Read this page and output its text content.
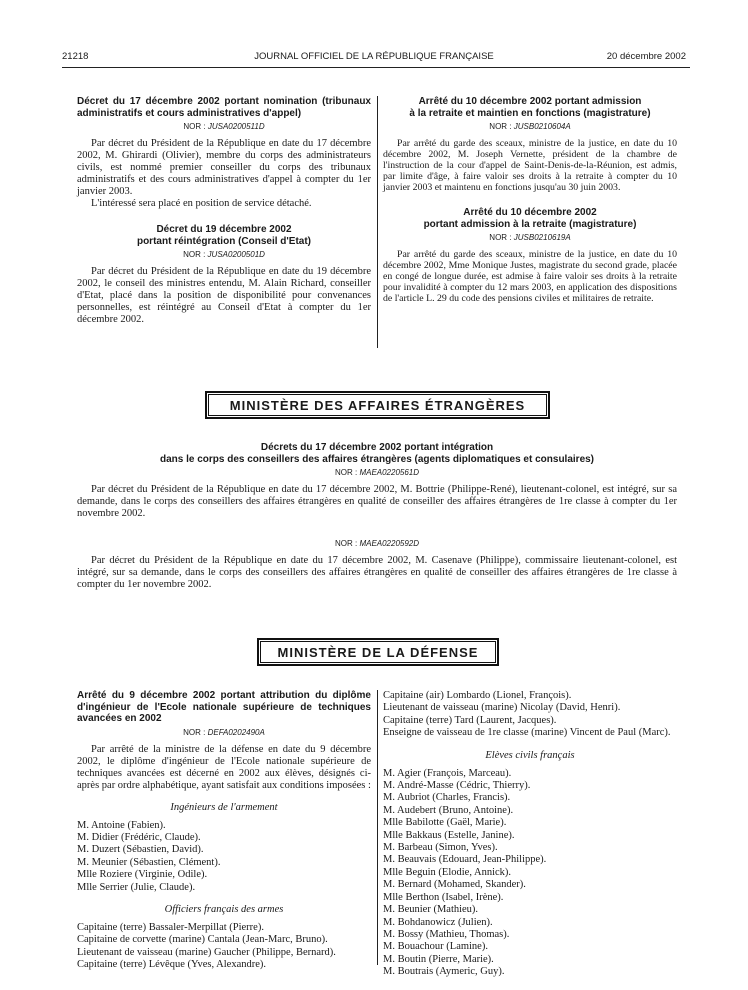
21218	JOURNAL OFFICIEL DE LA RÉPUBLIQUE FRANÇAISE	20 décembre 2002
Décret du 17 décembre 2002 portant nomination (tribunaux administratifs et cours administratives d'appel)
NOR : JUSA0200511D
Par décret du Président de la République en date du 17 décembre 2002, M. Ghirardi (Olivier), membre du corps des administrateurs civils, est nommé premier conseiller du corps des tribunaux administratifs et des cours administratives d'appel à compter du 1er janvier 2003.
L'intéressé sera placé en position de service détaché.
Décret du 19 décembre 2002
portant réintégration (Conseil d'Etat)
NOR : JUSA0200501D
Par décret du Président de la République en date du 19 décembre 2002, le conseil des ministres entendu, M. Alain Richard, conseiller d'Etat, placé dans la position de disponibilité pour convenances personnelles, est réintégré au Conseil d'Etat à compter du 1er décembre 2002.
Arrêté du 10 décembre 2002 portant admission
à la retraite et maintien en fonctions (magistrature)
NOR : JUSB0210604A
Par arrêté du garde des sceaux, ministre de la justice, en date du 10 décembre 2002, M. Joseph Vernette, président de la chambre de l'instruction de la cour d'appel de Saint-Denis-de-la-Réunion, est admis, par limite d'âge, à faire valoir ses droits à la retraite à compter du 10 janvier 2003 et maintenu en fonctions jusqu'au 30 juin 2003.
Arrêté du 10 décembre 2002
portant admission à la retraite (magistrature)
NOR : JUSB0210619A
Par arrêté du garde des sceaux, ministre de la justice, en date du 10 décembre 2002, Mme Monique Justes, magistrate du second grade, placée en congé de longue durée, est admise à faire valoir ses droits à la retraite pour invalidité à compter du 12 mars 2003, en application des dispositions de l'article L. 29 du code des pensions civiles et militaires de retraite.
MINISTÈRE DES AFFAIRES ÉTRANGÈRES
Décrets du 17 décembre 2002 portant intégration
dans le corps des conseillers des affaires étrangères (agents diplomatiques et consulaires)
NOR : MAEA0220561D
Par décret du Président de la République en date du 17 décembre 2002, M. Bottrie (Philippe-René), lieutenant-colonel, est intégré, sur sa demande, dans le corps des conseillers des affaires étrangères en qualité de conseiller des affaires étrangères de 1re classe à compter du 1er novembre 2002.
NOR : MAEA0220592D
Par décret du Président de la République en date du 17 décembre 2002, M. Casenave (Philippe), commissaire lieutenant-colonel, est intégré, sur sa demande, dans le corps des conseillers des affaires étrangères en qualité de conseiller des affaires étrangères de 1re classe à compter du 1er novembre 2002.
MINISTÈRE DE LA DÉFENSE
Arrêté du 9 décembre 2002 portant attribution du diplôme d'ingénieur de l'Ecole nationale supérieure de techniques avancées en 2002
NOR : DEFA0202490A
Par arrêté de la ministre de la défense en date du 9 décembre 2002, le diplôme d'ingénieur de l'Ecole nationale supérieure de techniques avancées est décerné en 2002 aux élèves, désignés ci-après par ordre alphabétique, ayant satisfait aux conditions imposées :
Ingénieurs de l'armement
M. Antoine (Fabien).
M. Didier (Frédéric, Claude).
M. Duzert (Sébastien, David).
M. Meunier (Sébastien, Clément).
Mlle Roziere (Virginie, Odile).
Mlle Serrier (Julie, Claude).
Officiers français des armes
Capitaine (terre) Bassaler-Merpillat (Pierre).
Capitaine de corvette (marine) Cantala (Jean-Marc, Bruno).
Lieutenant de vaisseau (marine) Gaucher (Philippe, Bernard).
Capitaine (terre) Lévêque (Yves, Alexandre).
Capitaine (air) Lombardo (Lionel, François).
Lieutenant de vaisseau (marine) Nicolay (David, Henri).
Capitaine (terre) Tard (Laurent, Jacques).
Enseigne de vaisseau de 1re classe (marine) Vincent de Paul (Marc).
Elèves civils français
M. Agier (François, Marceau).
M. André-Masse (Cédric, Thierry).
M. Aubriot (Charles, Francis).
M. Audebert (Bruno, Antoine).
Mlle Babilotte (Gaël, Marie).
Mlle Bakkaus (Estelle, Janine).
M. Barbeau (Simon, Yves).
M. Beauvais (Edouard, Jean-Philippe).
Mlle Beguin (Elodie, Annick).
M. Bernard (Mohamed, Skander).
Mlle Berthon (Isabel, Irène).
M. Beunier (Mathieu).
M. Bohdanowicz (Julien).
M. Bossy (Mathieu, Thomas).
M. Bouachour (Lamine).
M. Boutin (Pierre, Marie).
M. Boutrais (Aymeric, Guy).
